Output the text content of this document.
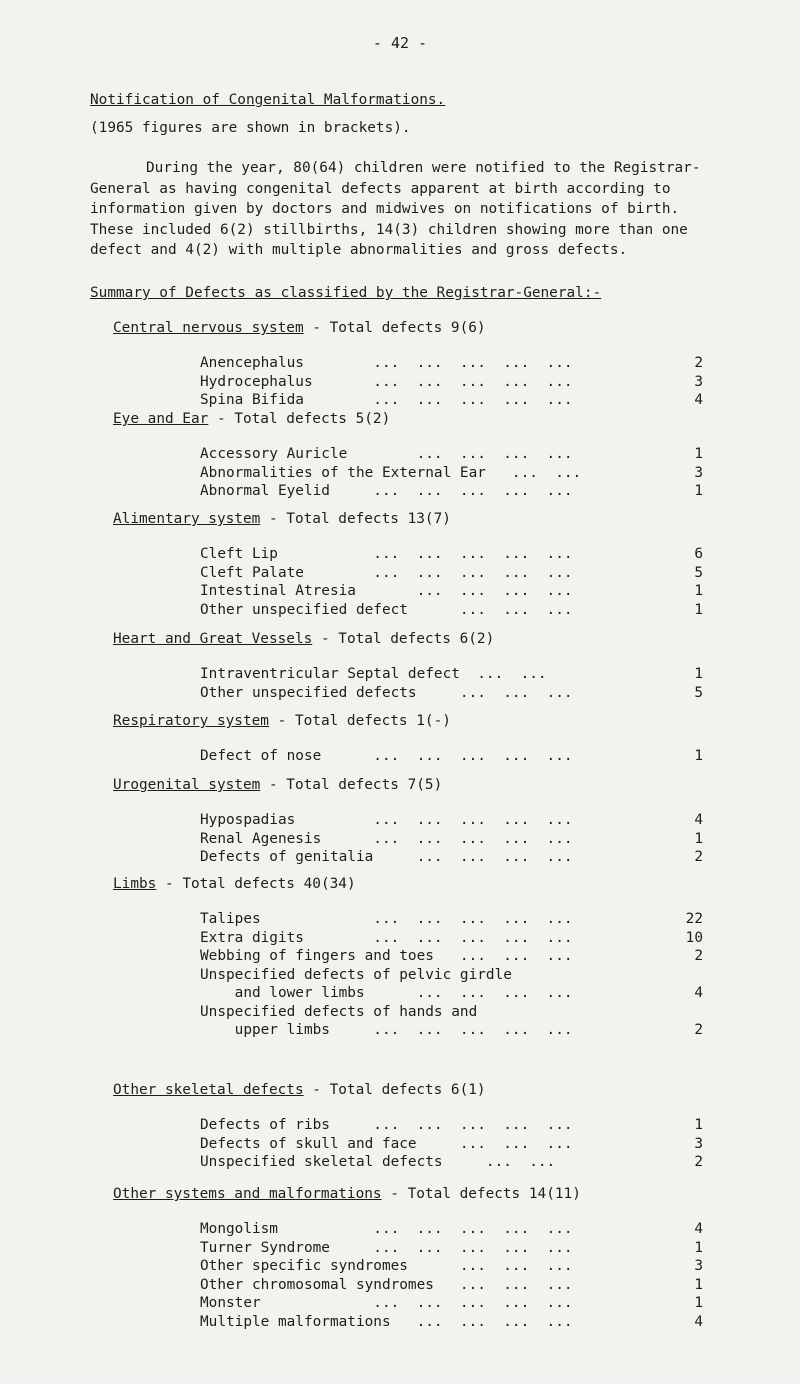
- 42 -
Notification of Congenital Malformations.
(1965 figures are shown in brackets).

During the year, 80(64) children were notified to the Registrar-General as having congenital defects apparent at birth according to information given by doctors and midwives on notifications of birth. These included 6(2) stillbirths, 14(3) children showing more than one defect and 4(2) with multiple abnormalities and gross defects.

Summary of Defects as classified by the Registrar-General:-
Central nervous system - Total defects 9(6)
Anencephalus        ...  ...  ...  ...  ...	2
Hydrocephalus       ...  ...  ...  ...  ...	3
Spina Bifida        ...  ...  ...  ...  ...	4
Eye and Ear - Total defects 5(2)
Accessory Auricle        ...  ...  ...  ...	1
Abnormalities of the External Ear   ...  ...	3
Abnormal Eyelid     ...  ...  ...  ...  ...	1
Alimentary system - Total defects 13(7)
Cleft Lip           ...  ...  ...  ...  ...	6
Cleft Palate        ...  ...  ...  ...  ...	5
Intestinal Atresia       ...  ...  ...  ...	1
Other unspecified defect      ...  ...  ...	1
Heart and Great Vessels - Total defects 6(2)
Intraventricular Septal defect  ...  ...	1
Other unspecified defects     ...  ...  ...	5
Respiratory system - Total defects 1(-)
Defect of nose      ...  ...  ...  ...  ...	1
Urogenital system - Total defects 7(5)
Hypospadias         ...  ...  ...  ...  ...	4
Renal Agenesis      ...  ...  ...  ...  ...	1
Defects of genitalia     ...  ...  ...  ...	2
Limbs - Total defects 40(34)
Talipes             ...  ...  ...  ...  ...	22
Extra digits        ...  ...  ...  ...  ...	10
Webbing of fingers and toes   ...  ...  ...	2
Unspecified defects of pelvic girdle
and lower limbs      ...  ...  ...  ...	4
Unspecified defects of hands and
upper limbs     ...  ...  ...  ...  ...	2
Other skeletal defects - Total defects 6(1)
Defects of ribs     ...  ...  ...  ...  ...	1
Defects of skull and face     ...  ...  ...	3
Unspecified skeletal defects     ...  ...	2
Other systems and malformations - Total defects 14(11)
Mongolism           ...  ...  ...  ...  ...	4
Turner Syndrome     ...  ...  ...  ...  ...	1
Other specific syndromes      ...  ...  ...	3
Other chromosomal syndromes   ...  ...  ...	1
Monster             ...  ...  ...  ...  ...	1
Multiple malformations   ...  ...  ...  ...	4
